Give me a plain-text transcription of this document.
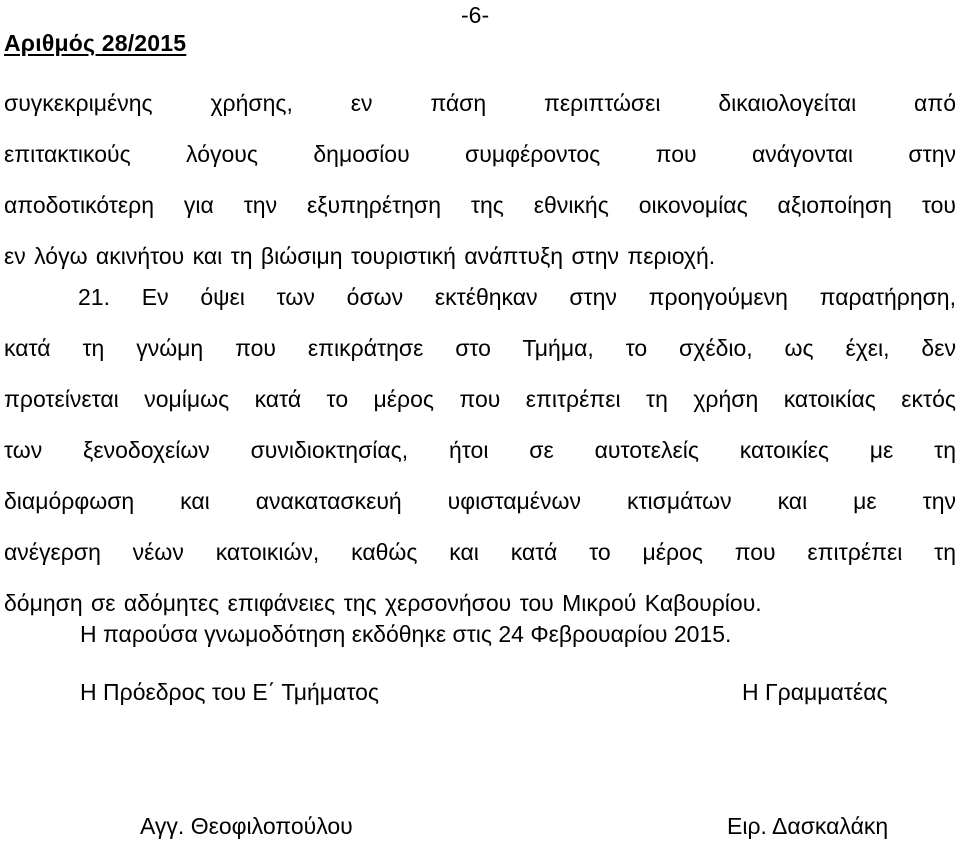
-6-
Αριθμός 28/2015
συγκεκριμένης χρήσης, εν πάση περιπτώσει δικαιολογείται από
επιτακτικούς λόγους δημοσίου συμφέροντος που ανάγονται στην
αποδοτικότερη για την εξυπηρέτηση της εθνικής οικονομίας αξιοποίηση του
εν λόγω ακινήτου και τη βιώσιμη τουριστική ανάπτυξη στην περιοχή.
21. Εν όψει των όσων εκτέθηκαν στην προηγούμενη παρατήρηση,
κατά τη γνώμη που επικράτησε στο Τμήμα, το σχέδιο, ως έχει, δεν
προτείνεται νομίμως κατά το μέρος που επιτρέπει τη χρήση κατοικίας εκτός
των ξενοδοχείων συνιδιοκτησίας, ήτοι σε αυτοτελείς κατοικίες με τη
διαμόρφωση και ανακατασκευή υφισταμένων κτισμάτων και με την
ανέγερση νέων κατοικιών, καθώς και κατά το μέρος που επιτρέπει τη
δόμηση σε αδόμητες επιφάνειες της χερσονήσου του Μικρού Καβουρίου.
Η παρούσα γνωμοδότηση εκδόθηκε στις 24 Φεβρουαρίου 2015.
Η Πρόεδρος του Ε΄ Τμήματος	Η Γραμματέας
Αγγ. Θεοφιλοπούλου	Ειρ. Δασκαλάκη
